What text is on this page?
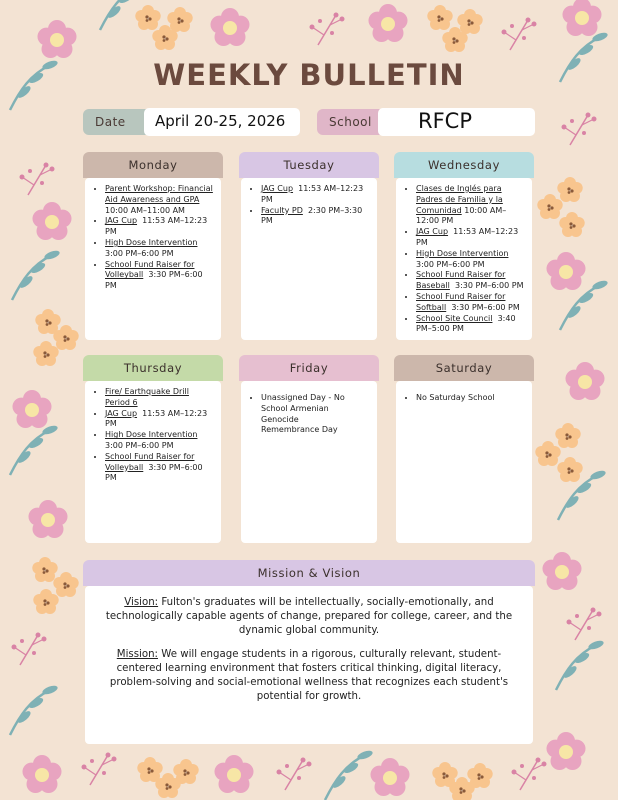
WEEKLY BULLETIN
Date	April 20-25, 2026	School	RFCP
Monday
• Parent Workshop: Financial Aid Awareness and GPA  10:00 AM–11:00 AM
• JAG Cup 11:53 AM–12:23 PM
• High Dose Intervention  3:00 PM–6:00 PM
• School Fund Raiser for Volleyball 3:30 PM–6:00 PM
Tuesday
• JAG Cup 11:53 AM–12:23 PM
• Faculty PD 2:30 PM–3:30 PM
Wednesday
• Clases de Inglés para Padres de Familia y la Comunidad 10:00 AM–12:00 PM
• JAG Cup 11:53 AM–12:23 PM
• High Dose Intervention  3:00 PM–6:00 PM
• School Fund Raiser for Baseball 3:30 PM–6:00 PM
• School Fund Raiser for Softball 3:30 PM–6:00 PM
• School Site Council 3:40 PM–5:00 PM
Thursday
• Fire/ Earthquake Drill Period 6
• JAG Cup 11:53 AM–12:23 PM
• High Dose Intervention  3:00 PM–6:00 PM
• School Fund Raiser for Volleyball 3:30 PM–6:00 PM
Friday
• Unassigned Day - No School Armenian Genocide Remembrance Day
Saturday
• No Saturday School
Mission & Vision

Vision: Fulton's graduates will be intellectually, socially-emotionally, and technologically capable agents of change, prepared for college, career, and the dynamic global community.

Mission: We will engage students in a rigorous, culturally relevant, student-centered learning environment that fosters critical thinking, digital literacy, problem-solving and social-emotional wellness that recognizes each student's potential for growth.
